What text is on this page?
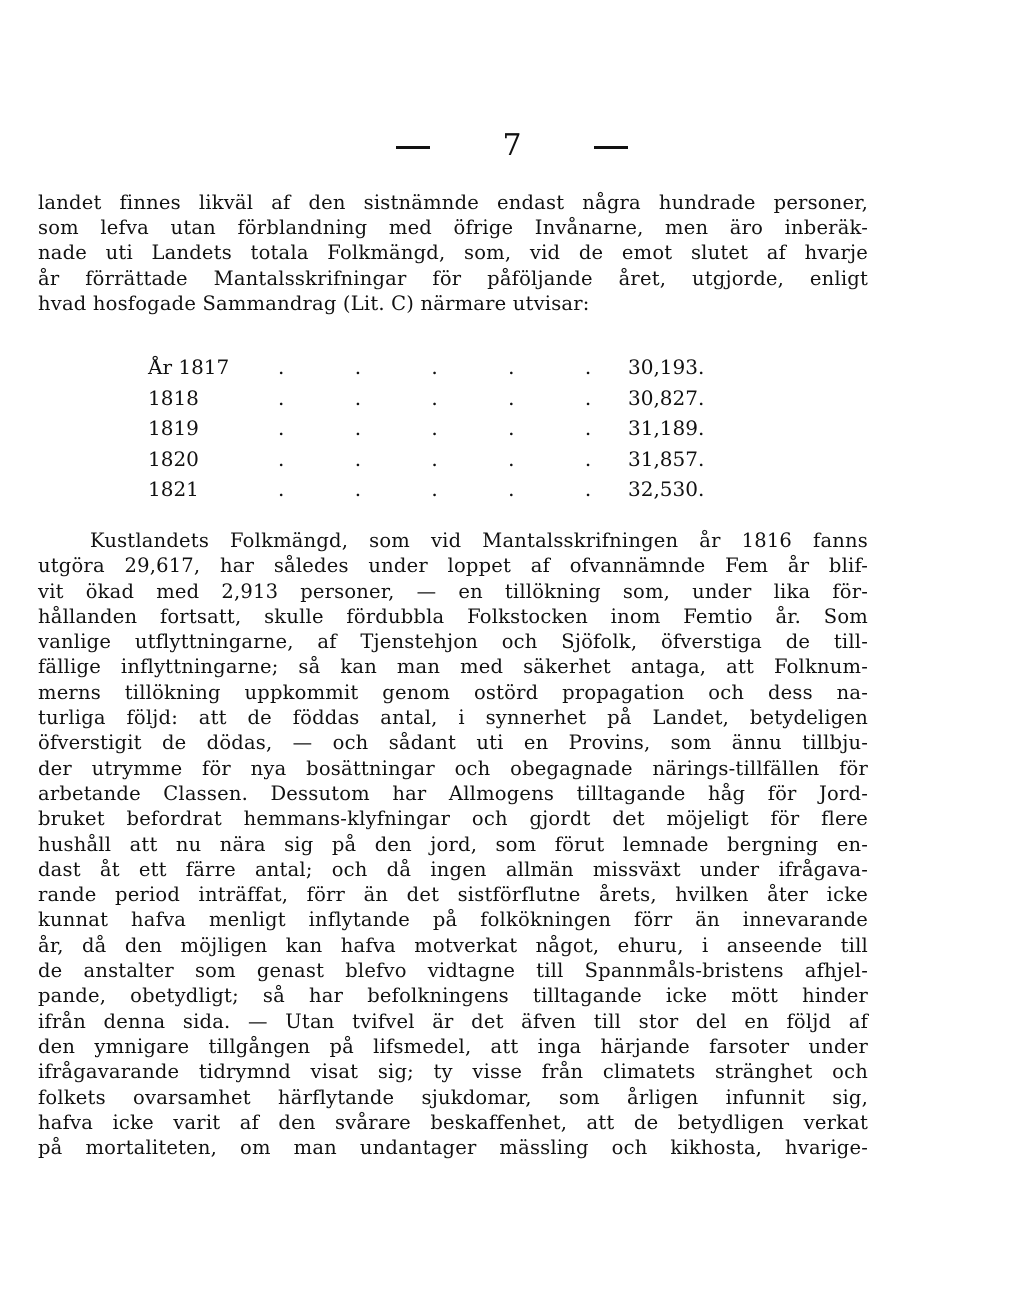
7
landet finnes likväl af den sistnämnde endast några hundrade personer,
som lefva utan förblandning med öfrige Invånarne, men äro inberäk-
nade uti Landets totala Folkmängd, som, vid de emot slutet af hvarje
år förrättade Mantalsskrifningar för påföljande året, utgjorde, enligt
hvad hosfogade Sammandrag (Lit. C) närmare utvisar:
År 1817	. . . . . 30,193.
1818	. . . . . 30,827.
1819	. . . . . 31,189.
1820	. . . . . 31,857.
1821	. . . . . 32,530.
Kustlandets Folkmängd, som vid Mantalsskrifningen år 1816 fanns
utgöra 29,617, har således under loppet af ofvannämnde Fem år blif-
vit ökad med 2,913 personer, — en tillökning som, under lika för-
hållanden fortsatt, skulle fördubbla Folkstocken inom Femtio år. Som
vanlige utflyttningarne, af Tjenstehjon och Sjöfolk, öfverstiga de till-
fällige inflyttningarne; så kan man med säkerhet antaga, att Folknum-
merns tillökning uppkommit genom ostörd propagation och dess na-
turliga följd: att de föddas antal, i synnerhet på Landet, betydeligen
öfverstigit de dödas, — och sådant uti en Provins, som ännu tillbju-
der utrymme för nya bosättningar och obegagnade närings-tillfällen för
arbetande Classen. Dessutom har Allmogens tilltagande håg för Jord-
bruket befordrat hemmans-klyfningar och gjordt det möjeligt för flere
hushåll att nu nära sig på den jord, som förut lemnade bergning en-
dast åt ett färre antal; och då ingen allmän missväxt under ifrågava-
rande period inträffat, förr än det sistförflutne årets, hvilken åter icke
kunnat hafva menligt inflytande på folkökningen förr än innevarande
år, då den möjligen kan hafva motverkat något, ehuru, i anseende till
de anstalter som genast blefvo vidtagne till Spannmåls-bristens afhjel-
pande, obetydligt; så har befolkningens tilltagande icke mött hinder
ifrån denna sida. — Utan tvifvel är det äfven till stor del en följd af
den ymnigare tillgången på lifsmedel, att inga härjande farsoter under
ifrågavarande tidrymnd visat sig; ty visse från climatets stränghet och
folkets ovarsamhet härflytande sjukdomar, som årligen infunnit sig,
hafva icke varit af den svårare beskaffenhet, att de betydligen verkat
på mortaliteten, om man undantager mässling och kikhosta, hvarige-
